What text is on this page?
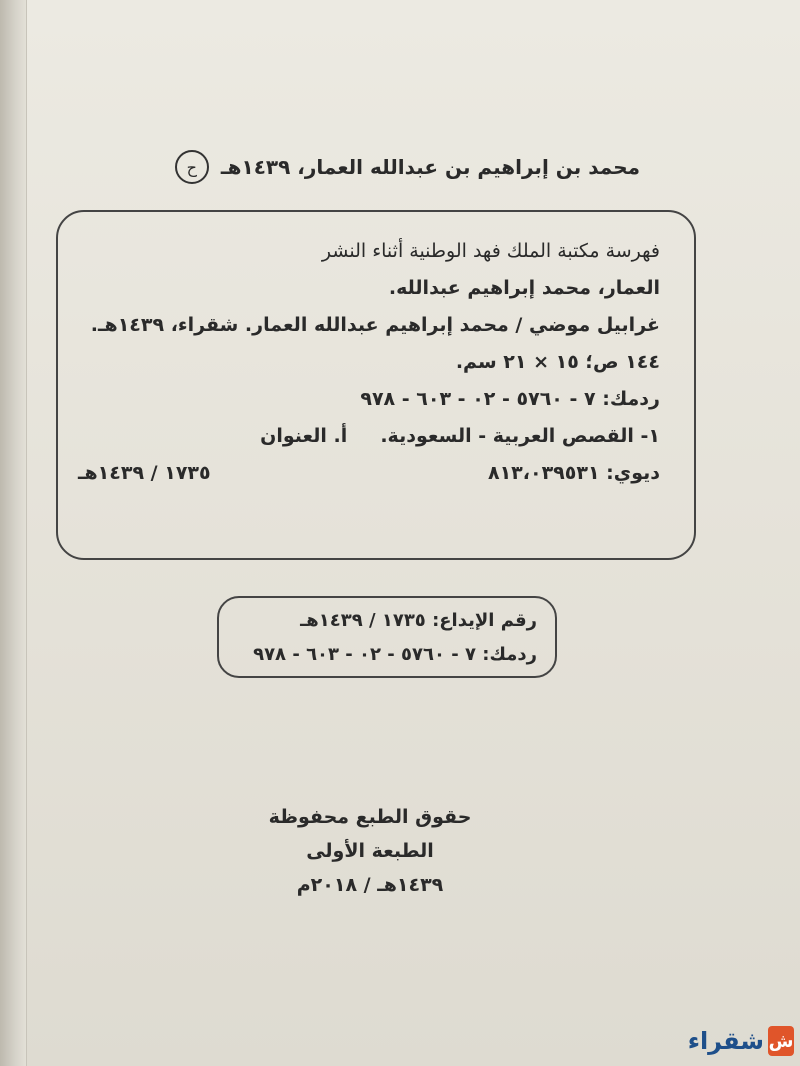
محمد بن إبراهيم بن عبدالله العمار، ١٤٣٩هـ
ح

فهرسة مكتبة الملك فهد الوطنية أثناء النشر

العمار، محمد إبراهيم عبدالله.

غرابيل موضي / محمد إبراهيم عبدالله العمار. شقراء، ١٤٣٩هـ.

١٤٤ ص؛ ١٥ × ٢١ سم.

ردمك: ٧ - ٥٧٦٠ - ٠٢ - ٦٠٣ - ٩٧٨

١- القصص العربية - السعودية.     أ. العنوان

ديوي: ٨١٣،٠٣٩٥٣١
١٧٣٥ / ١٤٣٩هـ

رقم الإيداع: ١٧٣٥ / ١٤٣٩هـ

ردمك: ٧ - ٥٧٦٠ - ٠٢ - ٦٠٣ - ٩٧٨

حقوق الطبع محفوظة

الطبعة الأولى

١٤٣٩هـ / ٢٠١٨م

ش
شقراء
